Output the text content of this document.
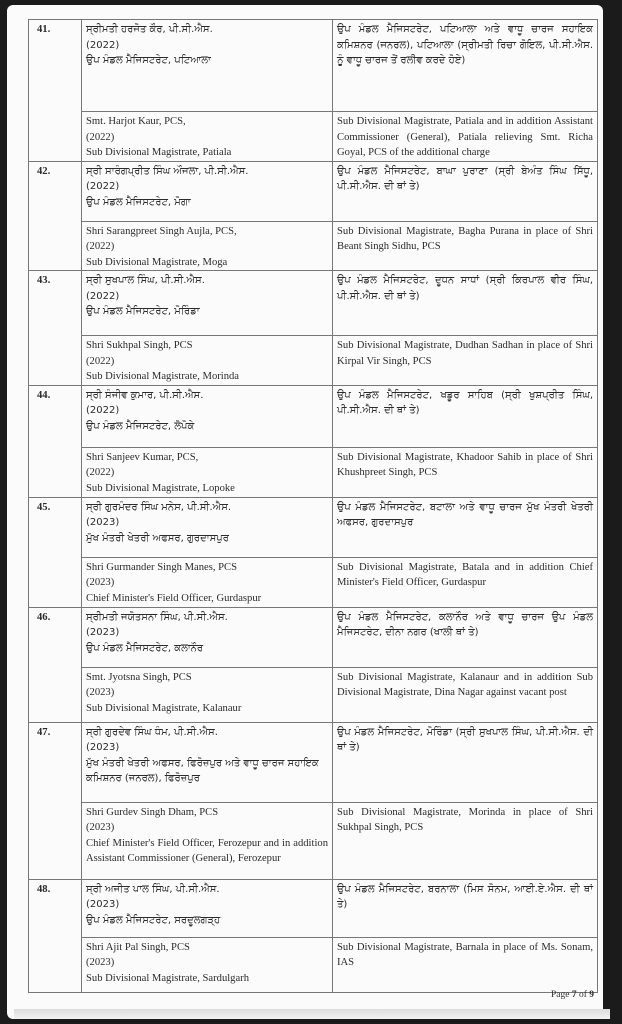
41.	ਸ੍ਰੀਮਤੀ ਹਰਜੋਤ ਕੌਰ, ਪੀ.ਸੀ.ਐਸ.
(2022)
ਉਪ ਮੰਡਲ ਮੈਜਿਸਟਰੇਟ, ਪਟਿਆਲਾ	ਉਪ ਮੰਡਲ ਮੈਜਿਸਟਰੇਟ, ਪਟਿਆਲਾ ਅਤੇ ਵਾਧੂ ਚਾਰਜ ਸਹਾਇਕ ਕਮਿਸ਼ਨਰ (ਜਨਰਲ), ਪਟਿਆਲਾ (ਸ੍ਰੀਮਤੀ ਰਿਚਾ ਗੋਇਲ, ਪੀ.ਸੀ.ਐਸ. ਨੂੰ ਵਾਧੂ ਚਾਰਜ ਤੋਂ ਰਲੀਵ ਕਰਦੇ ਹੋਏ)

	Smt. Harjot Kaur, PCS,
(2022)
Sub Divisional Magistrate, Patiala	Sub Divisional Magistrate, Patiala and in addition Assistant Commissioner (General), Patiala relieving Smt. Richa Goyal, PCS of the additional charge
42.	ਸ੍ਰੀ ਸਾਰੰਗਪ੍ਰੀਤ ਸਿੰਘ ਔਜਲਾ, ਪੀ.ਸੀ.ਐਸ.
(2022)
ਉਪ ਮੰਡਲ ਮੈਜਿਸਟਰੇਟ, ਮੋਗਾ	ਉਪ ਮੰਡਲ ਮੈਜਿਸਟਰੇਟ, ਬਾਘਾ ਪੁਰਾਣਾ (ਸ੍ਰੀ ਬੇਅੰਤ ਸਿੰਘ ਸਿੱਧੂ, ਪੀ.ਸੀ.ਐਸ. ਦੀ ਥਾਂ ਤੇ)

	Shri Sarangpreet Singh Aujla, PCS,
(2022)
Sub Divisional Magistrate, Moga	Sub Divisional Magistrate, Bagha Purana in place of Shri Beant Singh Sidhu, PCS
43.	ਸ੍ਰੀ ਸੁਖਪਾਲ ਸਿੰਘ, ਪੀ.ਸੀ.ਐਸ.
(2022)
ਉਪ ਮੰਡਲ ਮੈਜਿਸਟਰੇਟ, ਮੋਰਿੰਡਾ	ਉਪ ਮੰਡਲ ਮੈਜਿਸਟਰੇਟ, ਦੂਧਨ ਸਾਧਾਂ (ਸ੍ਰੀ ਕਿਰਪਾਲ ਵੀਰ ਸਿੰਘ, ਪੀ.ਸੀ.ਐਸ. ਦੀ ਥਾਂ ਤੇ)

	Shri Sukhpal Singh, PCS
(2022)
Sub Divisional Magistrate, Morinda	Sub Divisional Magistrate, Dudhan Sadhan in place of Shri Kirpal Vir Singh, PCS
44.	ਸ੍ਰੀ ਸੰਜੀਵ ਕੁਮਾਰ, ਪੀ.ਸੀ.ਐਸ.
(2022)
ਉਪ ਮੰਡਲ ਮੈਜਿਸਟਰੇਟ, ਲੋਪੋਕੇ	ਉਪ ਮੰਡਲ ਮੈਜਿਸਟਰੇਟ, ਖਡੂਰ ਸਾਹਿਬ (ਸ੍ਰੀ ਖੁਸ਼ਪ੍ਰੀਤ ਸਿੰਘ, ਪੀ.ਸੀ.ਐਸ. ਦੀ ਥਾਂ ਤੇ)

	Shri Sanjeev Kumar, PCS,
(2022)
Sub Divisional Magistrate, Lopoke	Sub Divisional Magistrate, Khadoor Sahib in place of Shri Khushpreet Singh, PCS
45.	ਸ੍ਰੀ ਗੁਰਮੰਦਰ ਸਿੰਘ ਮਨੇਸ, ਪੀ.ਸੀ.ਐਸ.
(2023)
ਮੁੱਖ ਮੰਤਰੀ ਖੇਤਰੀ ਅਫਸਰ, ਗੁਰਦਾਸਪੁਰ	ਉਪ ਮੰਡਲ ਮੈਜਿਸਟਰੇਟ, ਬਟਾਲਾ ਅਤੇ ਵਾਧੂ ਚਾਰਜ ਮੁੱਖ ਮੰਤਰੀ ਖੇਤਰੀ ਅਫਸਰ, ਗੁਰਦਾਸਪੁਰ

	Shri Gurmander Singh Manes, PCS
(2023)
Chief Minister's Field Officer, Gurdaspur	Sub Divisional Magistrate, Batala and in addition Chief Minister's Field Officer, Gurdaspur
46.	ਸ੍ਰੀਮਤੀ ਜਯੋਤਸਨਾ ਸਿੰਘ, ਪੀ.ਸੀ.ਐਸ.
(2023)
ਉਪ ਮੰਡਲ ਮੈਜਿਸਟਰੇਟ, ਕਲਾਨੌਰ	ਉਪ ਮੰਡਲ ਮੈਜਿਸਟਰੇਟ, ਕਲਾਨੌਰ ਅਤੇ ਵਾਧੂ ਚਾਰਜ ਉਪ ਮੰਡਲ ਮੈਜਿਸਟਰੇਟ, ਦੀਨਾ ਨਗਰ (ਖਾਲੀ ਥਾਂ ਤੇ)

	Smt. Jyotsna Singh, PCS
(2023)
Sub Divisional Magistrate, Kalanaur	Sub Divisional Magistrate, Kalanaur and in addition Sub Divisional Magistrate, Dina Nagar against vacant post
47.	ਸ੍ਰੀ ਗੁਰਦੇਵ ਸਿੰਘ ਧੰਮ, ਪੀ.ਸੀ.ਐਸ.
(2023)
ਮੁੱਖ ਮੰਤਰੀ ਖੇਤਰੀ ਅਫਸਰ, ਫਿਰੋਜ਼ਪੁਰ ਅਤੇ ਵਾਧੂ ਚਾਰਜ ਸਹਾਇਕ ਕਮਿਸ਼ਨਰ (ਜਨਰਲ), ਫਿਰੋਜ਼ਪੁਰ	ਉਪ ਮੰਡਲ ਮੈਜਿਸਟਰੇਟ, ਮੋਰਿੰਡਾ (ਸ੍ਰੀ ਸੁਖਪਾਲ ਸਿੰਘ, ਪੀ.ਸੀ.ਐਸ. ਦੀ ਥਾਂ ਤੇ)

	Shri Gurdev Singh Dham, PCS
(2023)
Chief Minister's Field Officer, Ferozepur and in addition Assistant Commissioner (General), Ferozepur	Sub Divisional Magistrate, Morinda in place of Shri Sukhpal Singh, PCS
48.	ਸ੍ਰੀ ਅਜੀਤ ਪਾਲ ਸਿੰਘ, ਪੀ.ਸੀ.ਐਸ.
(2023)
ਉਪ ਮੰਡਲ ਮੈਜਿਸਟਰੇਟ, ਸਰਦੂਲਗੜ੍ਹ	ਉਪ ਮੰਡਲ ਮੈਜਿਸਟਰੇਟ, ਬਰਨਾਲਾ (ਮਿਸ ਸੋਨਮ, ਆਈ.ਏ.ਐਸ. ਦੀ ਥਾਂ ਤੇ)

	Shri Ajit Pal Singh, PCS
(2023)
Sub Divisional Magistrate, Sardulgarh	Sub Divisional Magistrate, Barnala in place of Ms. Sonam, IAS
Page 7 of 9
